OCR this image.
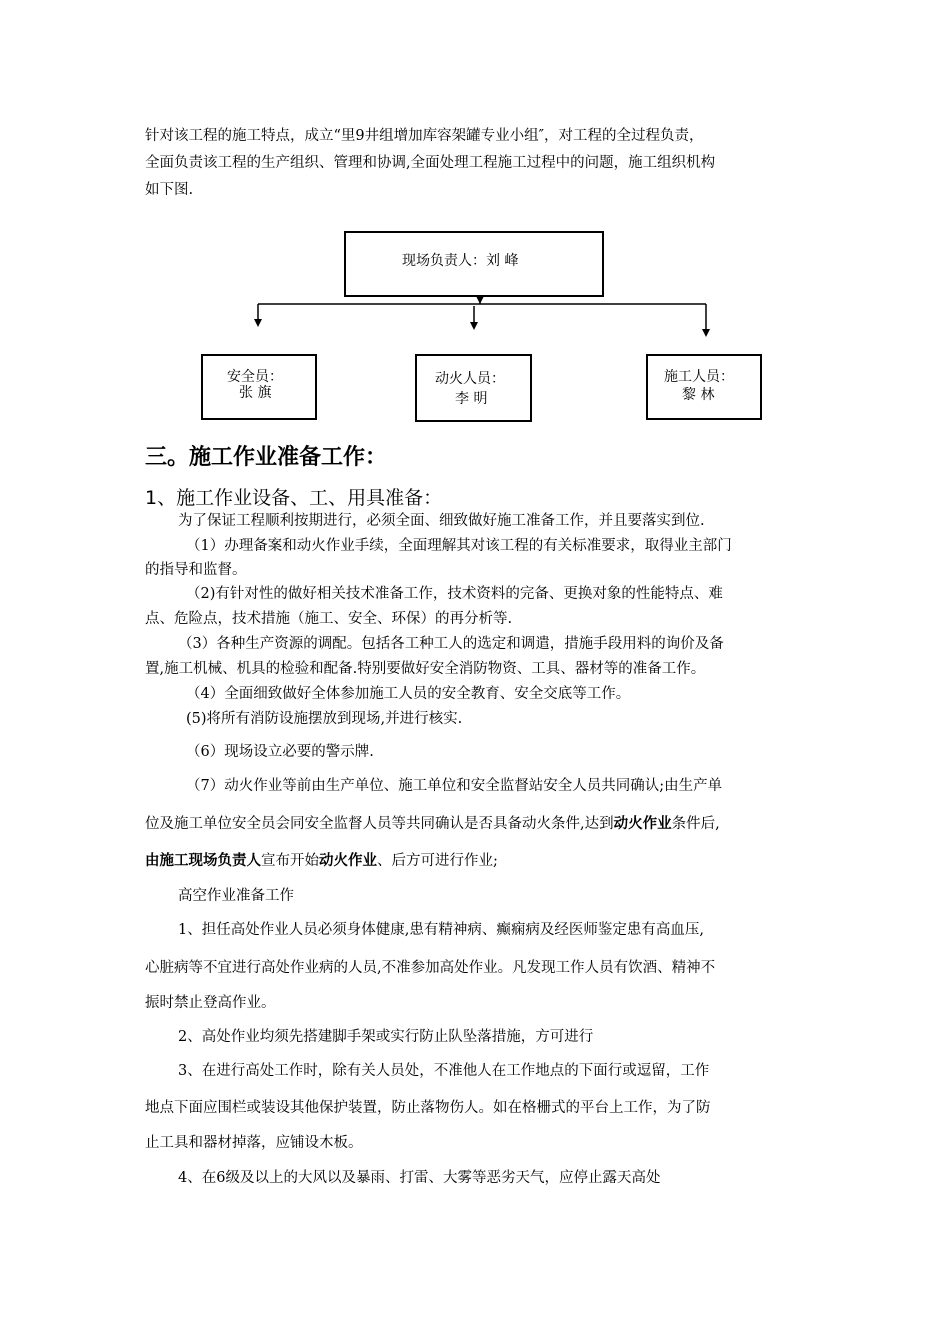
针对该工程的施工特点，成立“里9井组增加库容架罐专业小组″，对工程的全过程负责，
全面负责该工程的生产组织、管理和协调,全面处理工程施工过程中的问题，施工组织机构
如下图.
现场负责人：刘 峰
安全员：
张 旗
动火人员：
李 明
施工人员：
黎 林
三。施工作业准备工作：
1、施工作业设备、工、用具准备：
为了保证工程顺利按期进行，必须全面、细致做好施工准备工作，并且要落实到位.
（1）办理备案和动火作业手续，全面理解其对该工程的有关标准要求，取得业主部门
的指导和监督。
（2)有针对性的做好相关技术准备工作，技术资料的完备、更换对象的性能特点、难
点、危险点，技术措施（施工、安全、环保）的再分析等.
（3）各种生产资源的调配。包括各工种工人的选定和调遣，措施手段用料的询价及备
置,施工机械、机具的检验和配备.特别要做好安全消防物资、工具、器材等的准备工作。
（4）全面细致做好全体参加施工人员的安全教育、安全交底等工作。
(5)将所有消防设施摆放到现场,并进行核实.
（6）现场设立必要的警示牌.
（7）动火作业等前由生产单位、施工单位和安全监督站安全人员共同确认;由生产单
位及施工单位安全员会同安全监督人员等共同确认是否具备动火条件,达到动火作业条件后,
由施工现场负责人宣布开始动火作业、后方可进行作业;
高空作业准备工作
1、担任高处作业人员必须身体健康,患有精神病、癫痫病及经医师鉴定患有高血压,
心脏病等不宜进行高处作业病的人员,不准参加高处作业。凡发现工作人员有饮酒、精神不
振时禁止登高作业。
2、高处作业均须先搭建脚手架或实行防止队坠落措施，方可进行
3、在进行高处工作时，除有关人员处，不准他人在工作地点的下面行或逗留，工作
地点下面应围栏或装设其他保护装置，防止落物伤人。如在格栅式的平台上工作，为了防
止工具和器材掉落，应铺设木板。
4、在6级及以上的大风以及暴雨、打雷、大雾等恶劣天气，应停止露天高处
